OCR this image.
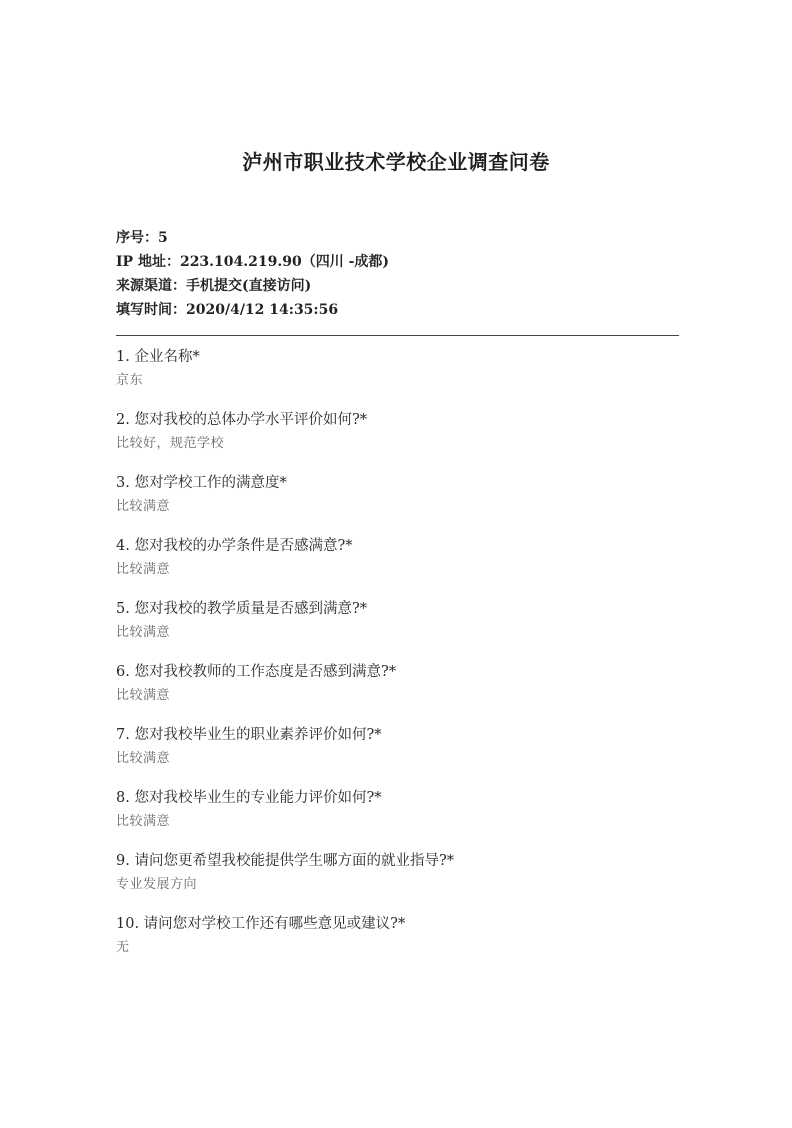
泸州市职业技术学校企业调查问卷
序号：5
IP 地址：223.104.219.90（四川 -成都)
来源渠道：手机提交(直接访问)
填写时间：2020/4/12 14:35:56
1. 企业名称*
京东
2. 您对我校的总体办学水平评价如何?*
比较好，规范学校
3. 您对学校工作的满意度*
比较满意
4. 您对我校的办学条件是否感满意?*
比较满意
5. 您对我校的教学质量是否感到满意?*
比较满意
6. 您对我校教师的工作态度是否感到满意?*
比较满意
7. 您对我校毕业生的职业素养评价如何?*
比较满意
8. 您对我校毕业生的专业能力评价如何?*
比较满意
9. 请问您更希望我校能提供学生哪方面的就业指导?*
专业发展方向
10. 请问您对学校工作还有哪些意见或建议?*
无
